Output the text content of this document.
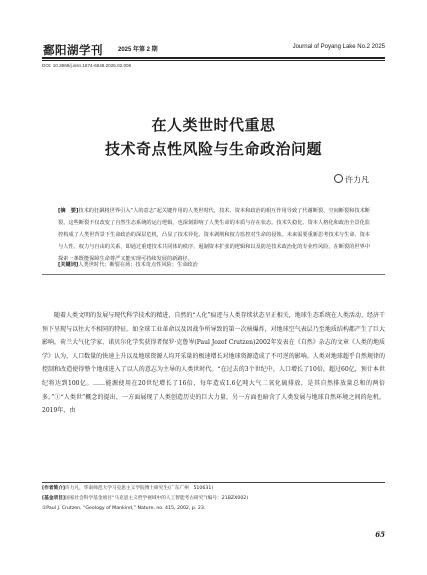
鄱阳湖学刊	2025 年第 2 期	Journal of Poyang Lake No.2 2025
DOI: 10.3969/j.issn.1674-6848.2025.02.006
在人类世时代重思
技术奇点性风险与生命政治问题
许力凡
[摘　要]技术的狂飙将世界引入“人的意志”起关键作用的人类世时代，技术、资本和政治的相互作用导致了代谢断裂、空间断裂和技术断裂，这些断裂不仅改变了自然生态系统的运行逻辑，也深刻影响了人类生命的本质与存在状态。技术失稳化、资本人格化和政治全景化监控构成了人类世背景下生命政治的深层危机，凸显了技术异化、资本剥削和权力监控对生命的侵蚀。未来需要重新思考技术与生命、资本与人性、权力与自由的关系，即通过重建技术共同体的秩序、遏制资本扩张的逻辑和以及防范技术政治化的专业性风险，在断裂的世界中探索一条既能保障生命尊严又能实现可持续发展的新路径。
[关键词]人类世时代；断裂在场；技术奇点性风险；生命政治
随着人类文明的发展与现代科学技术的精进，自然的“人化”痕迹与人类存续状态呈正相关，地球生态系统在人类活动、经济干预下呈现与以往大不相同的特征。如全球工业革命以及因战争所导致的第一次核爆炸，对地球空气表层乃至地质结构都产生了巨大影响。荷兰大气化学家、诺贝尔化学奖获得者保罗·克鲁岑(Paul Jozef Crutzen)2002年发表在《自然》杂志的文章《人类的地质学》认为，人口数量的快速上升以及地球资源人均开采量的极速增长对地球资源造成了不可逆的影响。人类对地球超乎自然规律的控制和改造使得整个地球进入了以人的意志为主导的人类世时代。“在过去的3个世纪中，人口增长了10倍，超过60亿，预计本世纪将达到100亿。……能源使用在20世纪增长了16倍，每年造成1.6亿吨大气二氧化硫排放，是其自然排放量总和的两倍多。”①“人类世”概念的提出，一方面展现了人类创造历史的巨大力量，另一方面也暗含了人类发展与地球自然环境之间的危机。2019年，由
[作者简介]许力凡，华南师范大学马克思主义学院博士研究生(广东广州　510631)
[基金项目]国家社会科学基金项目“马克思主义哲学视域中的人工智能考古研究”(编号：21BZX002)
①Paul J. Crutzen, “Geology of Mankind,” Nature, no. 415, 2002, p. 23.
65
